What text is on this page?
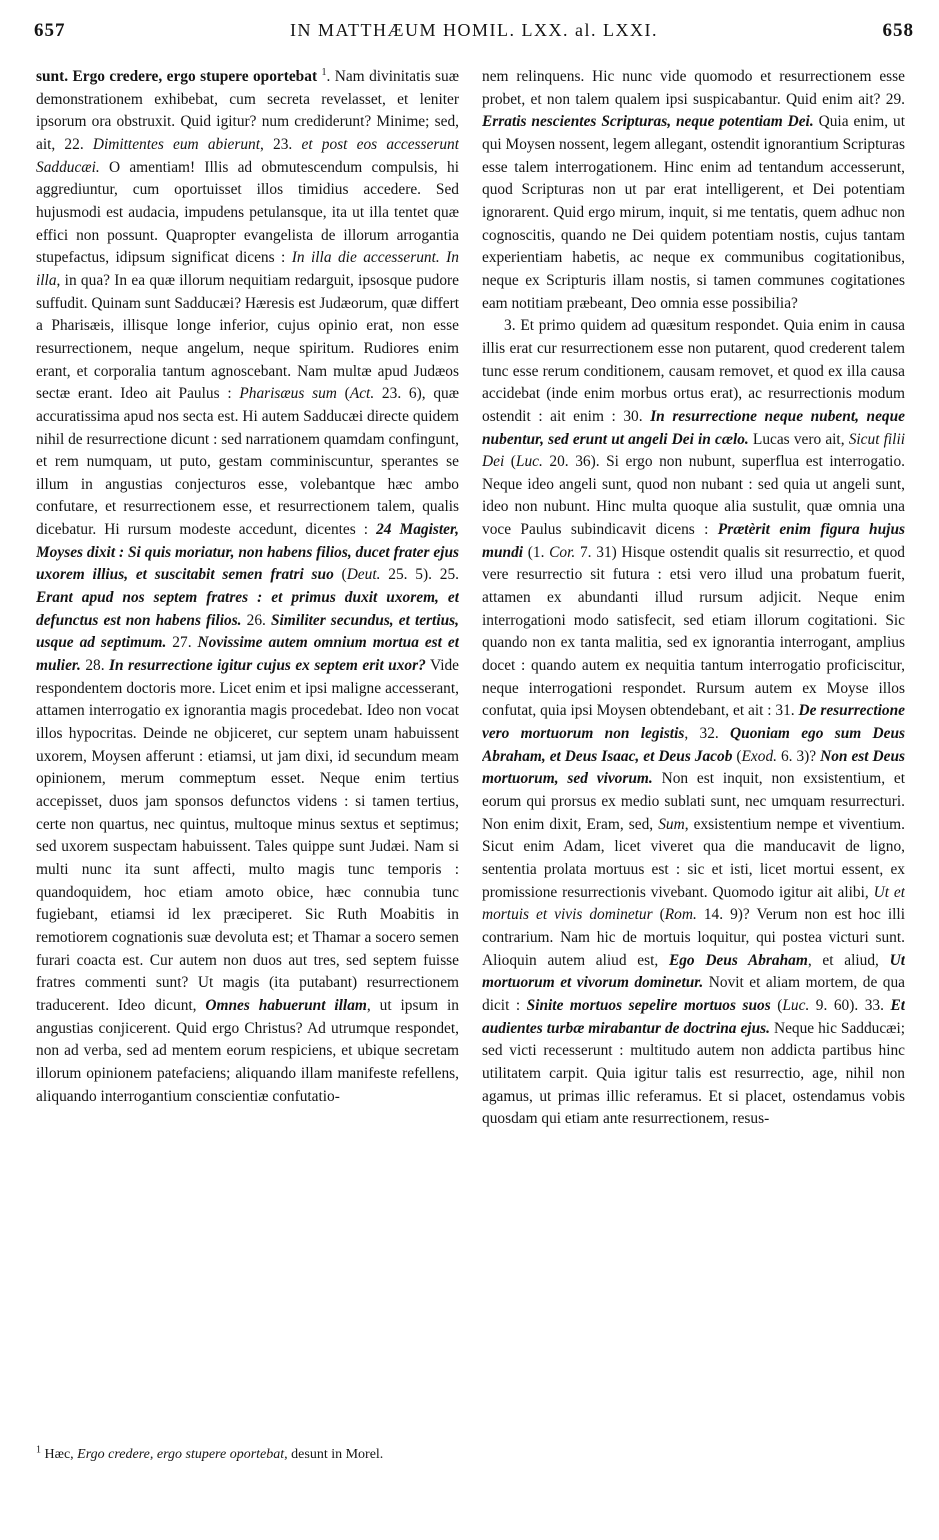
657	IN MATTHÆUM HOMIL. LXX. al. LXXI.	658

sunt. Ergo credere, ergo stupere oportebat $^1$. Nam divinitatis suæ demonstrationem exhibebat, cum secreta revelasset, et leniter ipsorum ora obstruxit. Quid igitur? num crediderunt? Minime; sed, ait, 22. Dimittentes eum abierunt, 23. et post eos accesserunt Sadducæi. O amentiam! Illis ad obmutescendum compulsis, hi aggrediuntur, cum oportuisset illos timidius accedere. Sed hujusmodi est audacia, impudens petulansque, ita ut illa tentet quæ effici non possunt. Quapropter evangelista de illorum arrogantia stupefactus, idipsum significat dicens : In illa die accesserunt. In illa, in qua? In ea quæ illorum nequitiam redarguit, ipsosque pudore suffudit. Quinam sunt Sadducæi? Hæresis est Judæorum, quæ differt a Pharisæis, illisque longe inferior, cujus opinio erat, non esse resurrectionem, neque angelum, neque spiritum. Rudiores enim erant, et corporalia tantum agnoscebant. Nam multæ apud Judæos sectæ erant. Ideo ait Paulus : Pharisæus sum (Act. 23. 6), quæ accuratissima apud nos secta est. Hi autem Sadducæi directe quidem nihil de resurrectione dicunt : sed narrationem quamdam confingunt, et rem numquam, ut puto, gestam comminiscuntur, sperantes se illum in angustias conjecturos esse, volebantque hæc ambo confutare, et resurrectionem esse, et resurrectionem talem, qualis dicebatur. Hi rursum modeste accedunt, dicentes : 24 Magister, Moyses dixit : Si quis moriatur, non habens filios, ducet frater ejus uxorem illius, et suscitabit semen fratri suo (Deut. 25. 5). 25. Erant apud nos septem fratres : et primus duxit uxorem, et defunctus est non habens filios. 26. Similiter secundus, et tertius, usque ad septimum. 27. Novissime autem omnium mortua est et mulier. 28. In resurrectione igitur cujus ex septem erit uxor? Vide respondentem doctoris more. Licet enim et ipsi maligne accesserant, attamen interrogatio ex ignorantia magis procedebat. Ideo non vocat illos hypocritas. Deinde ne objiceret, cur septem unam habuissent uxorem, Moysen afferunt : etiamsi, ut jam dixi, id secundum meam opinionem, merum commeptum esset. Neque enim tertius accepisset, duos jam sponsos defunctos videns : si tamen tertius, certe non quartus, nec quintus, multoque minus sextus et septimus; sed uxorem suspectam habuissent. Tales quippe sunt Judæi. Nam si multi nunc ita sunt affecti, multo magis tunc temporis : quandoquidem, hoc etiam amoto obice, hæc connubia tunc fugiebant, etiamsi id lex præciperet. Sic Ruth Moabitis in remotiorem cognationis suæ devoluta est; et Thamar a socero semen furari coacta est. Cur autem non duos aut tres, sed septem fuisse fratres commenti sunt? Ut magis (ita putabant) resurrectionem traducerent. Ideo dicunt, Omnes habuerunt illam, ut ipsum in angustias conjicerent. Quid ergo Christus? Ad utrumque respondet, non ad verba, sed ad mentem eorum respiciens, et ubique secretam illorum opinionem patefaciens; aliquando illam manifeste refellens, aliquando interrogantium conscientiæ confutatio-

$^1$ Hæc, Ergo credere, ergo stupere oportebat, desunt in Morel.

nem relinquens. Hic nunc vide quomodo et resurrectionem esse probet, et non talem qualem ipsi suspicabantur. Quid enim ait? 29. Erratis nescientes Scripturas, neque potentiam Dei. Quia enim, ut qui Moysen nossent, legem allegant, ostendit ignorantium Scripturas esse talem interrogationem. Hinc enim ad tentandum accesserunt, quod Scripturas non ut par erat intelligerent, et Dei potentiam ignorarent. Quid ergo mirum, inquit, si me tentatis, quem adhuc non cognoscitis, quando ne Dei quidem potentiam nostis, cujus tantam experientiam habetis, ac neque ex communibus cogitationibus, neque ex Scripturis illam nostis, si tamen communes cogitationes eam notitiam præbeant, Deo omnia esse possibilia?

3. Et primo quidem ad quæsitum respondet. Quia enim in causa illis erat cur resurrectionem esse non putarent, quod crederent talem tunc esse rerum conditionem, causam removet, et quod ex illa causa accidebat (inde enim morbus ortus erat), ac resurrectionis modum ostendit : ait enim : 30. In resurrectione neque nubent, neque nubentur, sed erunt ut angeli Dei in cælo. Lucas vero ait, Sicut filii Dei (Luc. 20. 36). Si ergo non nubunt, superflua est interrogatio. Neque ideo angeli sunt, quod non nubant : sed quia ut angeli sunt, ideo non nubunt. Hinc multa quoque alia sustulit, quæ omnia una voce Paulus subindicavit dicens : Prætèrit enim figura hujus mundi (1. Cor. 7. 31) Hisque ostendit qualis sit resurrectio, et quod vere resurrectio sit futura : etsi vero illud una probatum fuerit, attamen ex abundanti illud rursum adjicit. Neque enim interrogationi modo satisfecit, sed etiam illorum cogitationi. Sic quando non ex tanta malitia, sed ex ignorantia interrogant, amplius docet : quando autem ex nequitia tantum interrogatio proficiscitur, neque interrogationi respondet. Rursum autem ex Moyse illos confutat, quia ipsi Moysen obtendebant, et ait : 31. De resurrectione vero mortuorum non legistis, 32. Quoniam ego sum Deus Abraham, et Deus Isaac, et Deus Jacob (Exod. 6. 3)? Non est Deus mortuorum, sed vivorum. Non est inquit, non exsistentium, et eorum qui prorsus ex medio sublati sunt, nec umquam resurrecturi. Non enim dixit, Eram, sed, Sum, exsistentium nempe et viventium. Sicut enim Adam, licet viveret qua die manducavit de ligno, sententia prolata mortuus est : sic et isti, licet mortui essent, ex promissione resurrectionis vivebant. Quomodo igitur ait alibi, Ut et mortuis et vivis dominetur (Rom. 14. 9)? Verum non est hoc illi contrarium. Nam hic de mortuis loquitur, qui postea victuri sunt. Alioquin autem aliud est, Ego Deus Abraham, et aliud, Ut mortuorum et vivorum dominetur. Novit et aliam mortem, de qua dicit : Sinite mortuos sepelire mortuos suos (Luc. 9. 60). 33. Et audientes turbæ mirabantur de doctrina ejus. Neque hic Sadducæi; sed victi recesserunt : multitudo autem non addicta partibus hinc utilitatem carpit. Quia igitur talis est resurrectio, age, nihil non agamus, ut primas illic referamus. Et si placet, ostendamus vobis quosdam qui etiam ante resurrectionem, resus-
